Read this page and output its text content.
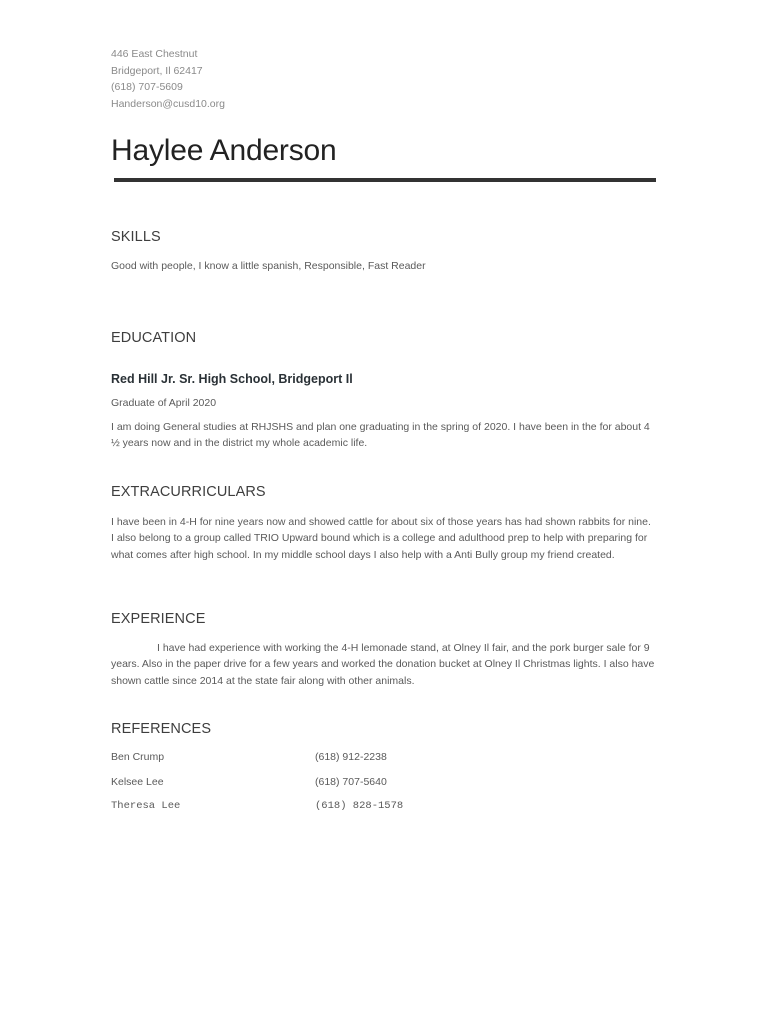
446 East Chestnut
Bridgeport, Il 62417
(618) 707-5609
Handerson@cusd10.org
Haylee Anderson
SKILLS
Good with people, I know a little spanish, Responsible, Fast Reader
EDUCATION
Red Hill Jr. Sr. High School, Bridgeport Il
Graduate of April 2020
I am doing General studies at RHJSHS and plan one graduating in the spring of 2020. I have been in the for about 4 ½ years now and in the district my whole academic life.
EXTRACURRICULARS
I have been in 4-H for nine years now and showed cattle for about six of those years has had shown rabbits for nine. I also belong to a group called TRIO Upward bound which is a college and adulthood prep to help with preparing for what comes after high school. In my middle school days I also help with a Anti Bully group my friend created.
EXPERIENCE
I have had experience with working the 4-H lemonade stand, at Olney Il fair, and the pork burger sale for 9 years. Also in the paper drive for a few years and worked the donation bucket at Olney Il Christmas lights. I also have shown cattle since 2014 at the state fair along with other animals.
REFERENCES
Ben Crump	(618) 912-2238
Kelsee Lee	(618) 707-5640
Theresa Lee	(618) 828-1578
